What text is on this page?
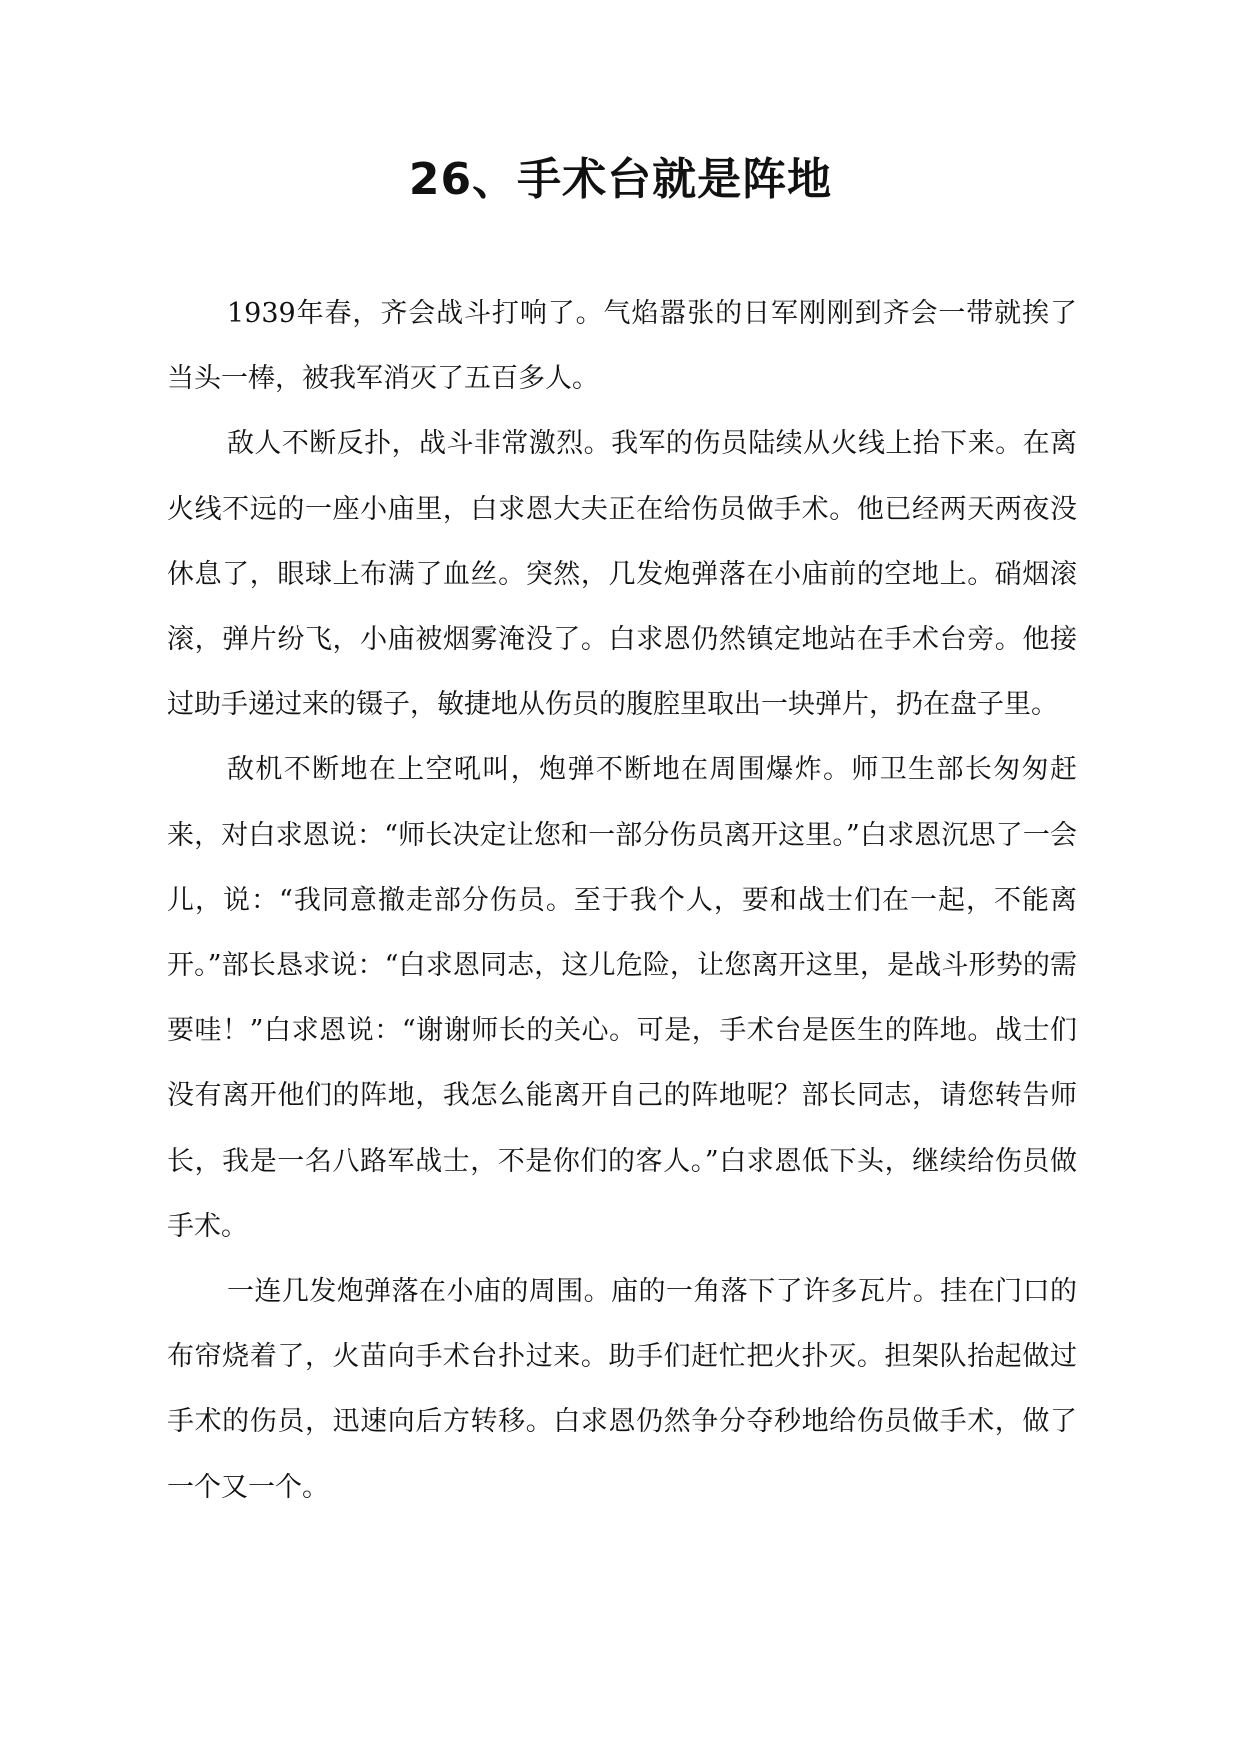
26、手术台就是阵地

1939年春，齐会战斗打响了。气焰嚣张的日军刚刚到齐会一带就挨了当头一棒，被我军消灭了五百多人。

敌人不断反扑，战斗非常激烈。我军的伤员陆续从火线上抬下来。在离火线不远的一座小庙里，白求恩大夫正在给伤员做手术。他已经两天两夜没休息了，眼球上布满了血丝。突然，几发炮弹落在小庙前的空地上。硝烟滚滚，弹片纷飞，小庙被烟雾淹没了。白求恩仍然镇定地站在手术台旁。他接过助手递过来的镊子，敏捷地从伤员的腹腔里取出一块弹片，扔在盘子里。

敌机不断地在上空吼叫，炮弹不断地在周围爆炸。师卫生部长匆匆赶来，对白求恩说：“师长决定让您和一部分伤员离开这里。”白求恩沉思了一会儿，说：“我同意撤走部分伤员。至于我个人，要和战士们在一起，不能离开。”部长恳求说：“白求恩同志，这儿危险，让您离开这里，是战斗形势的需要哇！”白求恩说：“谢谢师长的关心。可是，手术台是医生的阵地。战士们没有离开他们的阵地，我怎么能离开自己的阵地呢？部长同志，请您转告师长，我是一名八路军战士，不是你们的客人。”白求恩低下头，继续给伤员做手术。

一连几发炮弹落在小庙的周围。庙的一角落下了许多瓦片。挂在门口的布帘烧着了，火苗向手术台扑过来。助手们赶忙把火扑灭。担架队抬起做过手术的伤员，迅速向后方转移。白求恩仍然争分夺秒地给伤员做手术，做了一个又一个。
